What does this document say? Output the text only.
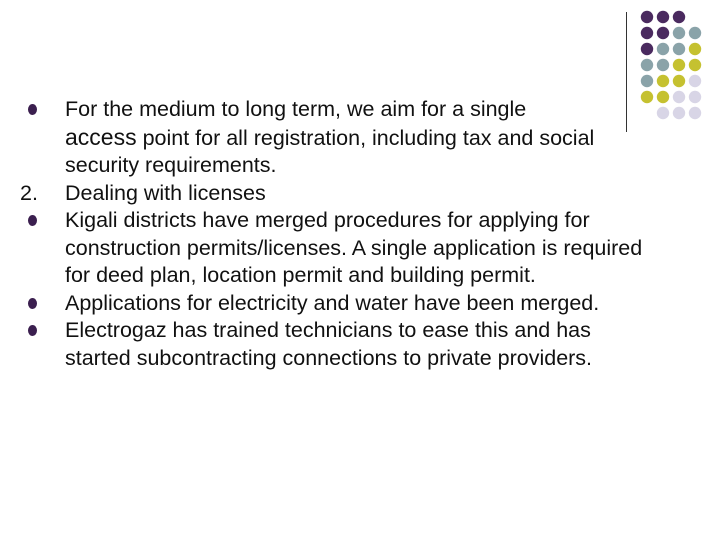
For the medium to long term, we aim for a single
access point for all registration, including tax and social security requirements.
2. Dealing with licenses
Kigali districts have merged procedures for applying for construction permits/licenses. A single application is required for deed plan, location permit and building permit.
Applications for electricity and water have been merged.
Electrogaz has trained technicians to ease this and has started subcontracting connections to private providers.
